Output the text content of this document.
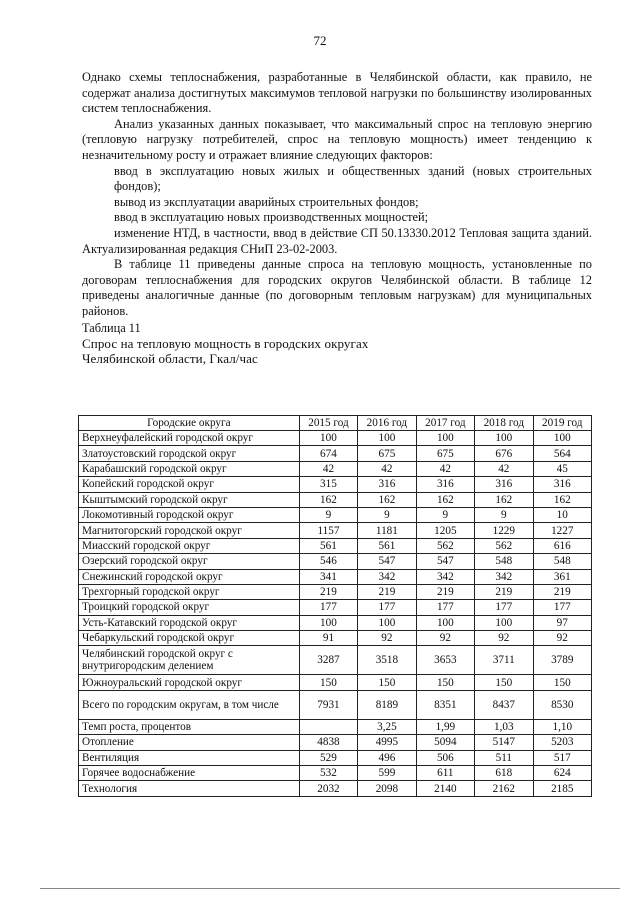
72

Однако схемы теплоснабжения, разработанные в Челябинской области, как правило, не содержат анализа достигнутых максимумов тепловой нагрузки по большинству изолированных систем теплоснабжения.

Анализ указанных данных показывает, что максимальный спрос на тепловую энергию (тепловую нагрузку потребителей, спрос на тепловую мощность) имеет тенденцию к незначительному росту и отражает влияние следующих факторов:

ввод в эксплуатацию новых жилых и общественных зданий (новых строительных фондов);

вывод из эксплуатации аварийных строительных фондов;

ввод в эксплуатацию новых производственных мощностей;

изменение НТД, в частности, ввод в действие СП 50.13330.2012 Тепловая защита зданий. Актуализированная редакция СНиП 23-02-2003.

В таблице 11 приведены данные спроса на тепловую мощность, установленные по договорам теплоснабжения для городских округов Челябинской области. В таблице 12 приведены аналогичные данные (по договорным тепловым нагрузкам) для муниципальных районов.

Таблица 11

Спрос на тепловую мощность в городских округах

Челябинской области, Гкал/час

Городские округа	2015 год	2016 год	2017 год	2018 год	2019 год
Верхнеуфалейский городской округ	100	100	100	100	100
Златоустовский городской округ	674	675	675	676	564
Карабашский городской округ	42	42	42	42	45
Копейский городской округ	315	316	316	316	316
Кыштымский городской округ	162	162	162	162	162
Локомотивный городской округ	9	9	9	9	10
Магнитогорский городской округ	1157	1181	1205	1229	1227
Миасский городской округ	561	561	562	562	616
Озерский городской округ	546	547	547	548	548
Снежинский городской округ	341	342	342	342	361
Трехгорный городской округ	219	219	219	219	219
Троицкий городской округ	177	177	177	177	177
Усть-Катавский городской округ	100	100	100	100	97
Чебаркульский городской округ	91	92	92	92	92
Челябинский городской округ с внутригородским делением	3287	3518	3653	3711	3789
Южноуральский городской округ	150	150	150	150	150
Всего по городским округам, в том числе	7931	8189	8351	8437	8530
Темп роста, процентов		3,25	1,99	1,03	1,10
Отопление	4838	4995	5094	5147	5203
Вентиляция	529	496	506	511	517
Горячее водоснабжение	532	599	611	618	624
Технология	2032	2098	2140	2162	2185
